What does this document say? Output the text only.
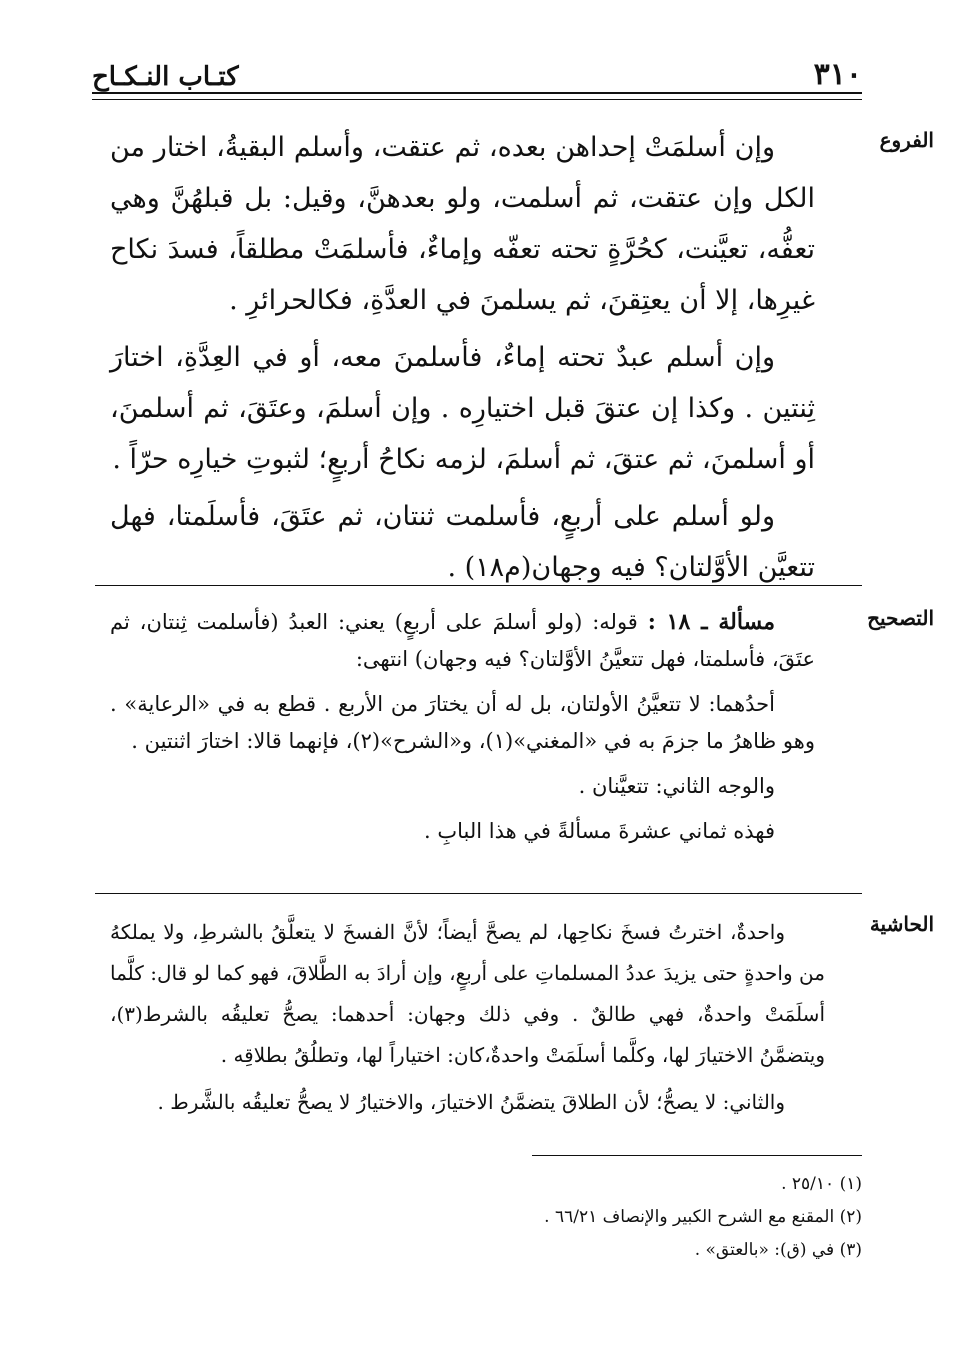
٣١٠
كتـاب النـكـاح
الفروع

وإن أسلمَتْ إحداهن بعده، ثم عتقت، وأسلم البقيةُ، اختار من الكل وإن عتقت، ثم أسلمت، ولو بعدهنَّ، وقيل: بل قبلهُنَّ وهي تعفُّه، تعيَّنت، كحُرَّةٍ تحته تعفّه وإماءٌ، فأسلمَتْ مطلقاً، فسدَ نكاح غيرِها، إلا أن يعتِقنَ، ثم يسلمنَ في العدَّةِ، فكالحرائرِ .

وإن أسلم عبدٌ تحته إماءٌ، فأسلمنَ معه، أو في العِدَّةِ، اختارَ ثِنتين . وكذا إن عتقَ قبل اختيارِه . وإن أسلمَ، وعتَقَ، ثم أسلمنَ، أو أسلمنَ، ثم عتقَ، ثم أسلمَ، لزمه نكاحُ أربعٍ؛ لثبوتِ خيارِه حرّاً .

ولو أسلم على أربعٍ، فأسلمت ثنتان، ثم عتَقَ، فأسلَمتا، فهل تتعيَّن الأوَّلتان؟ فيه وجهان(م١٨) .

التصحيح

مسألة ـ ١٨ : قوله: (ولو أسلمَ على أربعٍ) يعني: العبدُ (فأسلمت ثِنتان، ثم عتَقَ، فأسلمتا، فهل تتعيَّنُ الأوَّلتان؟ فيه وجهان) انتهى:

أحدُهما: لا تتعيَّنُ الأولتان، بل له أن يختارَ من الأربع . قطع به في «الرعاية» . وهو ظاهرُ ما جزمَ به في «المغني»(١)، و«الشرح»(٢)، فإنهما قالا: اختارَ اثنتين .

والوجه الثاني: تتعيَّنان .

فهذه ثماني عشرةَ مسألةً في هذا البابِ .

الحاشية

واحدةٌ، اخترتُ فسخَ نكاحِها، لم يصحَّ أيضاً؛ لأنَّ الفسخَ لا يتعلَّقُ بالشرطِ، ولا يملكهُ من واحدةٍ حتى يزيدَ عددُ المسلماتِ على أربعٍ، وإن أرادَ به الطَّلاقَ، فهو كما لو قال: كلَّما أسلَمَتْ واحدةٌ، فهي طالقٌ . وفي ذلك وجهان: أحدهما: يصحُّ تعليقُه بالشرط(٣)، ويتضمَّنُ الاختيارَ لها، وكلَّما أسلَمَتْ واحدةٌ،كان: اختياراً لها، وتطلُقُ بطلاقِه .

والثاني: لا يصحُّ؛ لأن الطلاقَ يتضمَّنُ الاختيارَ، والاختيارُ لا يصحُّ تعليقُه بالشَّرط .

(١) ٢٥/١٠ .
(٢) المقنع مع الشرح الكبير والإنصاف ٦٦/٢١ .
(٣) في (ق): «بالعتق» .
